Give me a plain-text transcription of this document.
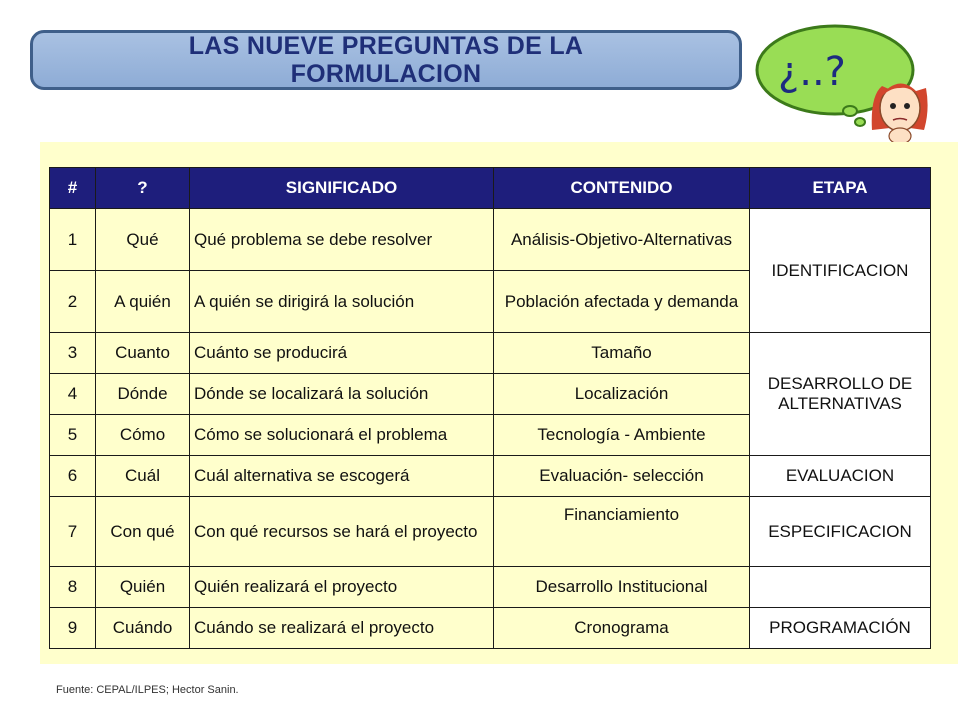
LAS NUEVE PREGUNTAS DE LA
FORMULACION	¿..?
#	?	SIGNIFICADO	CONTENIDO	ETAPA
1	Qué	Qué problema se debe resolver	Análisis-Objetivo-Alternativas	IDENTIFICACION
2	A quién	A quién se dirigirá la solución	Población afectada y demanda	
3	Cuanto	Cuánto se producirá	Tamaño	DESARROLLO DE ALTERNATIVAS
4	Dónde	Dónde se localizará la solución	Localización	
5	Cómo	Cómo se solucionará el problema	Tecnología - Ambiente	
6	Cuál	Cuál alternativa se escogerá	Evaluación- selección	EVALUACION
7	Con qué	Con qué recursos se hará el proyecto	Financiamiento	ESPECIFICACION
8	Quién	Quién realizará el proyecto	Desarrollo Institucional	
9	Cuándo	Cuándo se realizará el proyecto	Cronograma	PROGRAMACIÓN
Fuente: CEPAL/ILPES; Hector Sanin.
